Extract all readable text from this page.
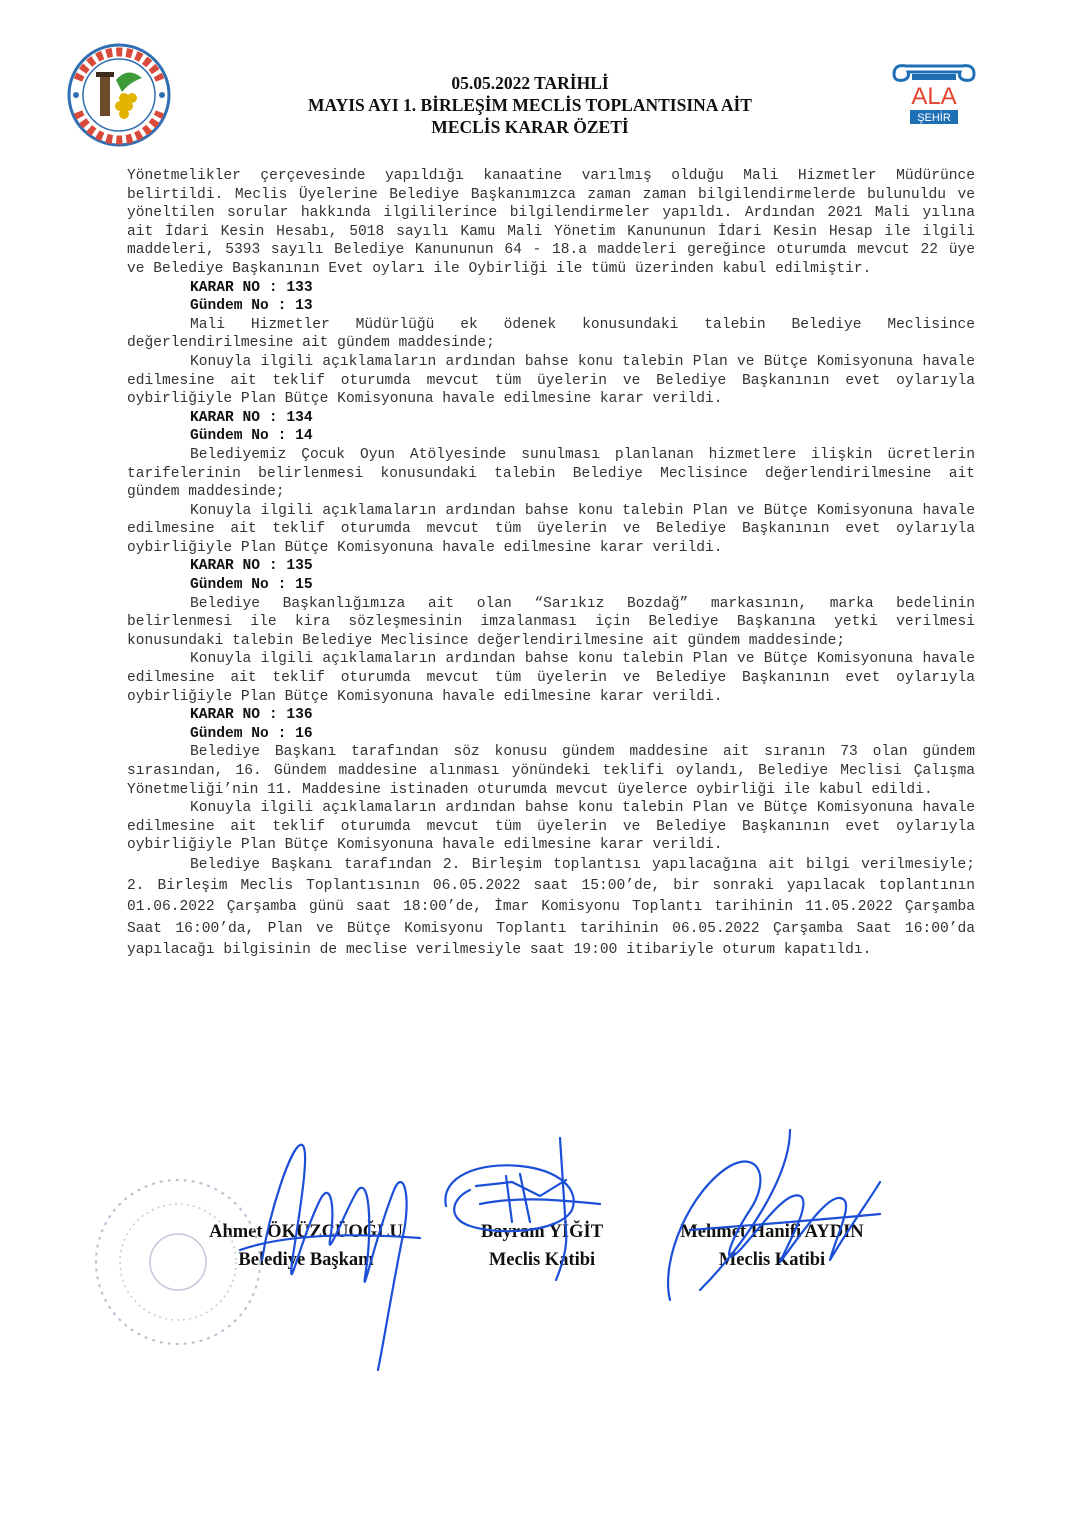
05.05.2022 TARİHLİ
MAYIS AYI 1. BİRLEŞİM MECLİS TOPLANTISINA AİT
MECLİS KARAR ÖZETİ
ALA
ŞEHİR

Yönetmelikler çerçevesinde yapıldığı kanaatine varılmış olduğu Mali Hizmetler Müdürünce belirtildi. Meclis Üyelerine Belediye Başkanımızca zaman zaman bilgilendirmelerde bulunuldu ve yöneltilen sorular hakkında ilgililerince bilgilendirmeler yapıldı. Ardından 2021 Mali yılına ait İdari Kesin Hesabı, 5018 sayılı Kamu Mali Yönetim Kanununun İdari Kesin Hesap ile ilgili maddeleri, 5393 sayılı Belediye Kanununun 64 - 18.a maddeleri gereğince oturumda mevcut 22 üye ve Belediye Başkanının Evet oyları ile Oybirliği ile tümü üzerinden kabul edilmiştir.

KARAR NO : 133
Gündem No : 13

Mali Hizmetler Müdürlüğü ek ödenek konusundaki talebin Belediye Meclisince değerlendirilmesine ait gündem maddesinde;

Konuyla ilgili açıklamaların ardından bahse konu talebin Plan ve Bütçe Komisyonuna havale edilmesine ait teklif oturumda mevcut tüm üyelerin ve Belediye Başkanının evet oylarıyla oybirliğiyle Plan Bütçe Komisyonuna havale edilmesine karar verildi.

KARAR NO : 134
Gündem No : 14

Belediyemiz Çocuk Oyun Atölyesinde sunulması planlanan hizmetlere ilişkin ücretlerin tarifelerinin belirlenmesi konusundaki talebin Belediye Meclisince değerlendirilmesine ait gündem maddesinde;

Konuyla ilgili açıklamaların ardından bahse konu talebin Plan ve Bütçe Komisyonuna havale edilmesine ait teklif oturumda mevcut tüm üyelerin ve Belediye Başkanının evet oylarıyla oybirliğiyle Plan Bütçe Komisyonuna havale edilmesine karar verildi.

KARAR NO : 135
Gündem No : 15

Belediye Başkanlığımıza ait olan “Sarıkız Bozdağ” markasının, marka bedelinin belirlenmesi ile kira sözleşmesinin imzalanması için Belediye Başkanına yetki verilmesi konusundaki talebin Belediye Meclisince değerlendirilmesine ait gündem maddesinde;

Konuyla ilgili açıklamaların ardından bahse konu talebin Plan ve Bütçe Komisyonuna havale edilmesine ait teklif oturumda mevcut tüm üyelerin ve Belediye Başkanının evet oylarıyla oybirliğiyle Plan Bütçe Komisyonuna havale edilmesine karar verildi.

KARAR NO : 136
Gündem No : 16

Belediye Başkanı tarafından söz konusu gündem maddesine ait sıranın 73 olan gündem sırasından, 16. Gündem maddesine alınması yönündeki teklifi oylandı, Belediye Meclisi Çalışma Yönetmeliği’nin 11. Maddesine istinaden oturumda mevcut üyelerce oybirliği ile kabul edildi.

Konuyla ilgili açıklamaların ardından bahse konu talebin Plan ve Bütçe Komisyonuna havale edilmesine ait teklif oturumda mevcut tüm üyelerin ve Belediye Başkanının evet oylarıyla oybirliğiyle Plan Bütçe Komisyonuna havale edilmesine karar verildi.

Belediye Başkanı tarafından 2. Birleşim toplantısı yapılacağına ait bilgi verilmesiyle; 2. Birleşim Meclis Toplantısının 06.05.2022 saat 15:00’de, bir sonraki yapılacak toplantının 01.06.2022 Çarşamba günü saat 18:00’de, İmar Komisyonu Toplantı tarihinin 11.05.2022 Çarşamba Saat 16:00’da, Plan ve Bütçe Komisyonu Toplantı tarihinin 06.05.2022 Çarşamba Saat 16:00’da yapılacağı bilgisinin de meclise verilmesiyle saat 19:00 itibariyle oturum kapatıldı.

Ahmet ÖKÜZCÜOĞLU
Belediye Başkanı
Bayram YİĞİT
Meclis Katibi
Mehmet Hanifi AYDIN
Meclis Katibi
